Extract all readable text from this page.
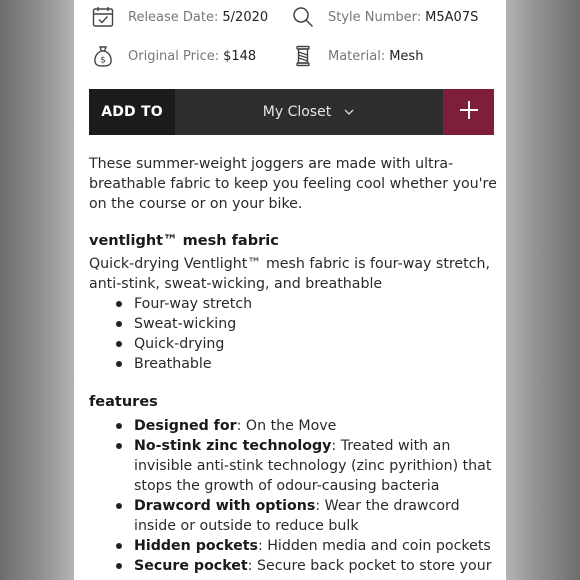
Release Date: 5/2020	Style Number: M5A07S
$ Original Price: $148	Material: Mesh
ADD TO	My Closet

These summer-weight joggers are made with ultra-breathable fabric to keep you feeling cool whether you're on the course or on your bike.

ventlight™ mesh fabric

Quick-drying Ventlight™ mesh fabric is four-way stretch, anti-stink, sweat-wicking, and breathable

Four-way stretch
Sweat-wicking
Quick-drying
Breathable
features
Designed for: On the Move
No-stink zinc technology: Treated with an invisible anti-stink technology (zinc pyrithion) that stops the growth of odour-causing bacteria
Drawcord with options: Wear the drawcord inside or outside to reduce bulk
Hidden pockets: Hidden media and coin pockets
Secure pocket: Secure back pocket to store your
